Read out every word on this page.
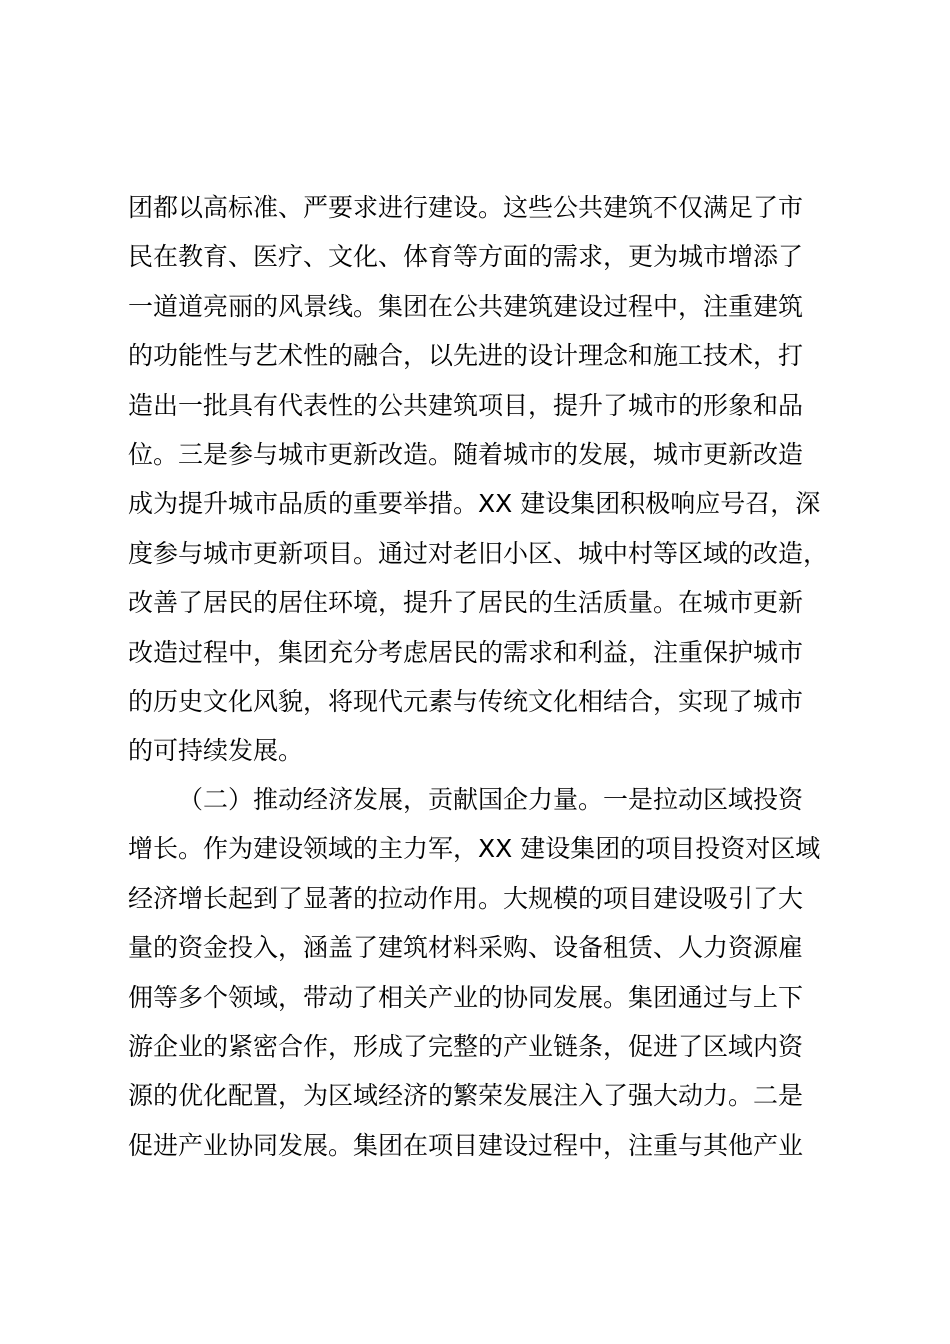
团都以高标准、严要求进行建设。这些公共建筑不仅满足了市
民在教育、医疗、文化、体育等方面的需求，更为城市增添了
一道道亮丽的风景线。集团在公共建筑建设过程中，注重建筑
的功能性与艺术性的融合，以先进的设计理念和施工技术，打
造出一批具有代表性的公共建筑项目，提升了城市的形象和品
位。三是参与城市更新改造。随着城市的发展，城市更新改造
成为提升城市品质的重要举措。XX 建设集团积极响应号召，深
度参与城市更新项目。通过对老旧小区、城中村等区域的改造，
改善了居民的居住环境，提升了居民的生活质量。在城市更新
改造过程中，集团充分考虑居民的需求和利益，注重保护城市
的历史文化风貌，将现代元素与传统文化相结合，实现了城市
的可持续发展。
（二）推动经济发展，贡献国企力量。一是拉动区域投资
增长。作为建设领域的主力军，XX 建设集团的项目投资对区域
经济增长起到了显著的拉动作用。大规模的项目建设吸引了大
量的资金投入，涵盖了建筑材料采购、设备租赁、人力资源雇
佣等多个领域，带动了相关产业的协同发展。集团通过与上下
游企业的紧密合作，形成了完整的产业链条，促进了区域内资
源的优化配置，为区域经济的繁荣发展注入了强大动力。二是
促进产业协同发展。集团在项目建设过程中，注重与其他产业
